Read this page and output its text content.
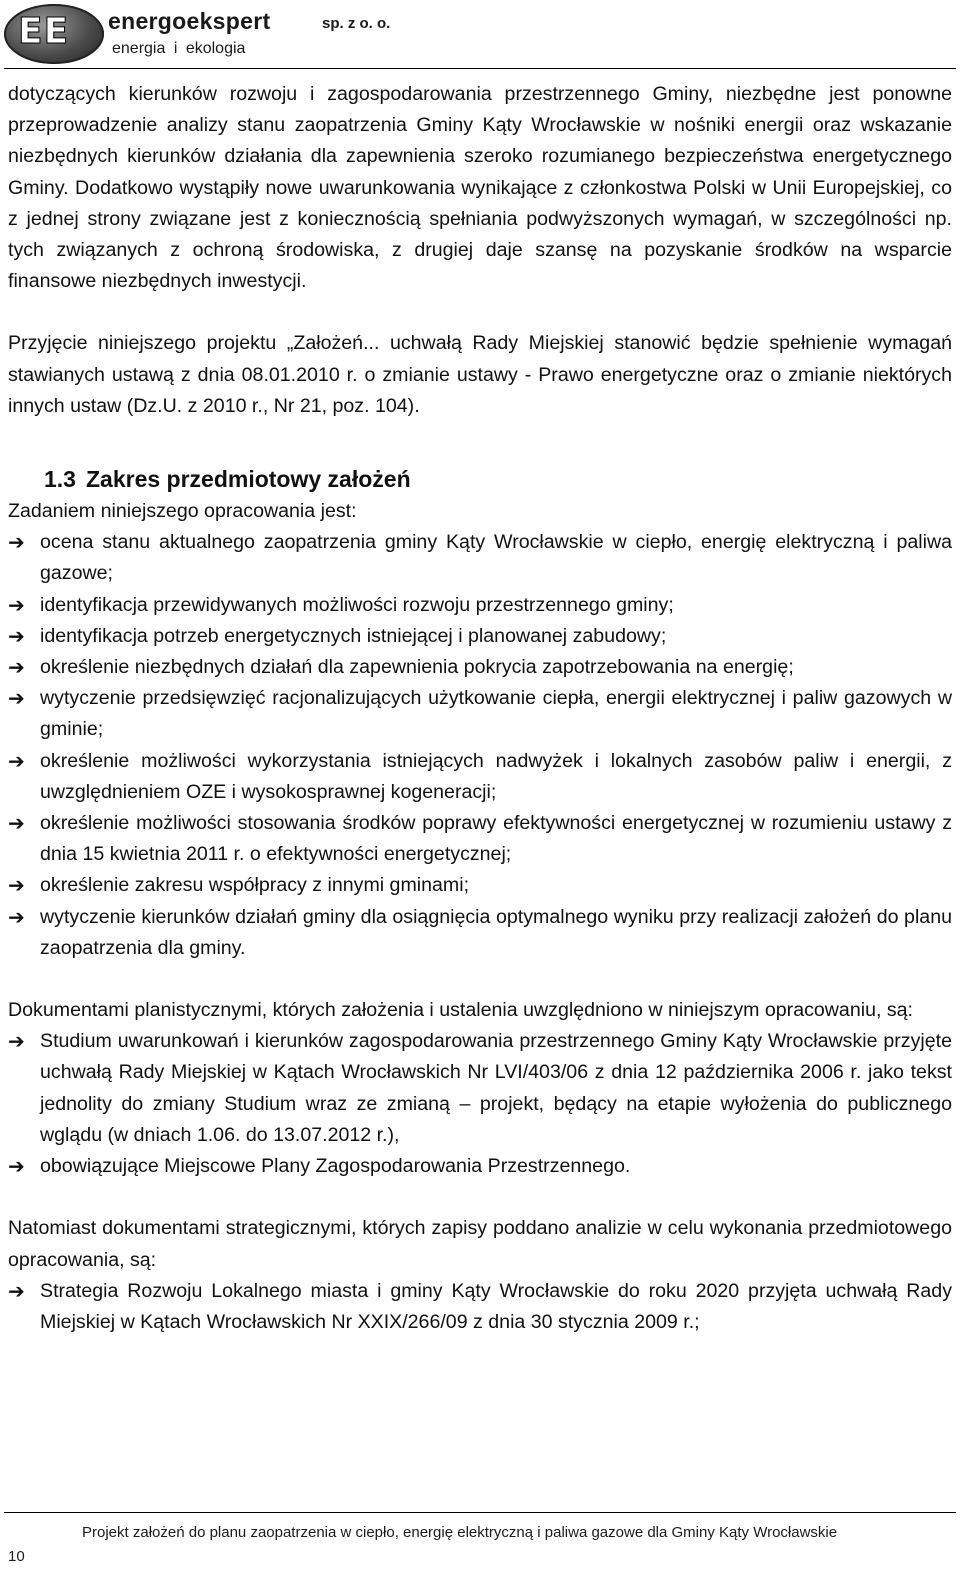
EE energoekspert	sp. z o. o.
energia i ekologia

dotyczących kierunków rozwoju i zagospodarowania przestrzennego Gminy, niezbędne jest ponowne przeprowadzenie analizy stanu zaopatrzenia Gminy Kąty Wrocławskie w nośniki energii oraz wskazanie niezbędnych kierunków działania dla zapewnienia szeroko rozumianego bezpieczeństwa energetycznego Gminy. Dodatkowo wystąpiły nowe uwarunkowania wynikające z członkostwa Polski w Unii Europejskiej, co z jednej strony związane jest z koniecznością spełniania podwyższonych wymagań, w szczególności np. tych związanych z ochroną środowiska, z drugiej daje szansę na pozyskanie środków na wsparcie finansowe niezbędnych inwestycji.

Przyjęcie niniejszego projektu „Założeń... uchwałą Rady Miejskiej stanowić będzie spełnienie wymagań stawianych ustawą z dnia 08.01.2010 r. o zmianie ustawy - Prawo energetyczne oraz o zmianie niektórych innych ustaw (Dz.U. z 2010 r., Nr 21, poz. 104).

1.3 Zakres przedmiotowy założeń

Zadaniem niniejszego opracowania jest:

➔ ocena stanu aktualnego zaopatrzenia gminy Kąty Wrocławskie w ciepło, energię elektryczną i paliwa gazowe;
➔ identyfikacja przewidywanych możliwości rozwoju przestrzennego gminy;
➔ identyfikacja potrzeb energetycznych istniejącej i planowanej zabudowy;
➔ określenie niezbędnych działań dla zapewnienia pokrycia zapotrzebowania na energię;
➔ wytyczenie przedsięwzięć racjonalizujących użytkowanie ciepła, energii elektrycznej i paliw gazowych w gminie;
➔ określenie możliwości wykorzystania istniejących nadwyżek i lokalnych zasobów paliw i energii, z uwzględnieniem OZE i wysokosprawnej kogeneracji;
➔ określenie możliwości stosowania środków poprawy efektywności energetycznej w rozumieniu ustawy z dnia 15 kwietnia 2011 r. o efektywności energetycznej;
➔ określenie zakresu współpracy z innymi gminami;
➔ wytyczenie kierunków działań gminy dla osiągnięcia optymalnego wyniku przy realizacji założeń do planu zaopatrzenia dla gminy.

Dokumentami planistycznymi, których założenia i ustalenia uwzględniono w niniejszym opracowaniu, są:

➔ Studium uwarunkowań i kierunków zagospodarowania przestrzennego Gminy Kąty Wrocławskie przyjęte uchwałą Rady Miejskiej w Kątach Wrocławskich Nr LVI/403/06 z dnia 12 października 2006 r. jako tekst jednolity do zmiany Studium wraz ze zmianą – projekt, będący na etapie wyłożenia do publicznego wglądu (w dniach 1.06. do 13.07.2012 r.),
➔ obowiązujące Miejscowe Plany Zagospodarowania Przestrzennego.

Natomiast dokumentami strategicznymi, których zapisy poddano analizie w celu wykonania przedmiotowego opracowania, są:

➔ Strategia Rozwoju Lokalnego miasta i gminy Kąty Wrocławskie do roku 2020 przyjęta uchwałą Rady Miejskiej w Kątach Wrocławskich Nr XXIX/266/09 z dnia 30 stycznia 2009 r.;
Projekt założeń do planu zaopatrzenia w ciepło, energię elektryczną i paliwa gazowe dla Gminy Kąty Wrocławskie
10
